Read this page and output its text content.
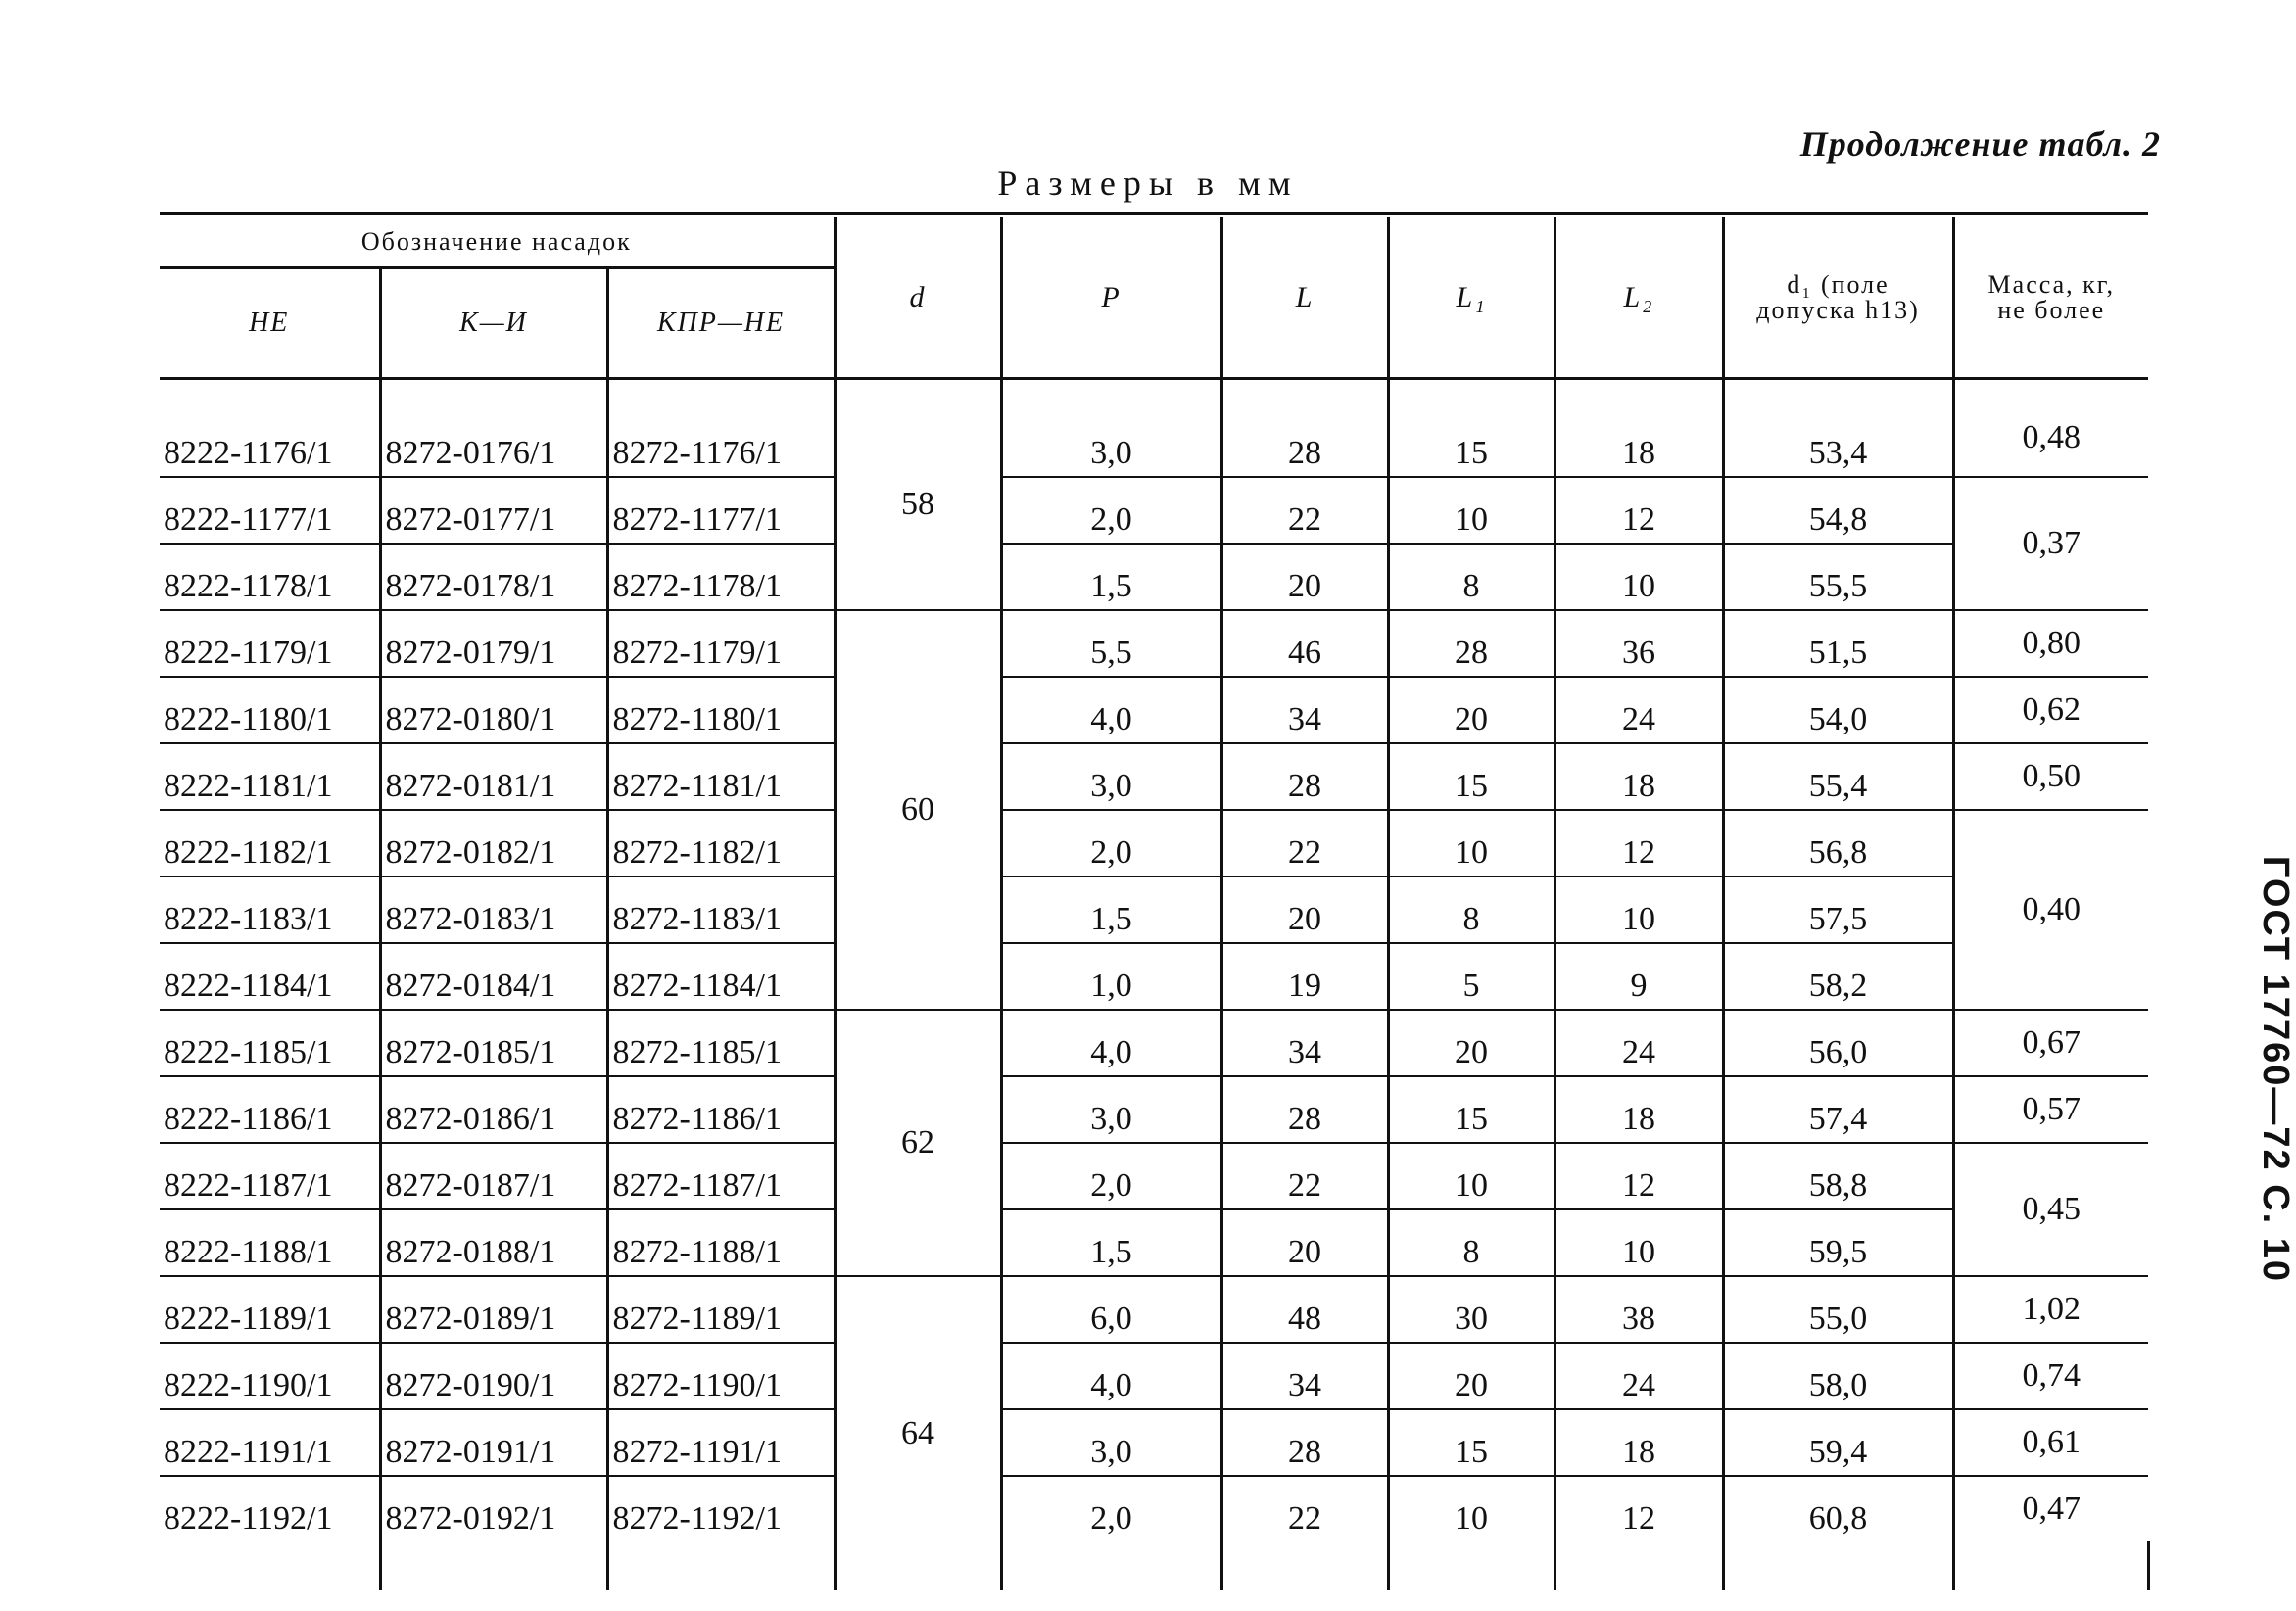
Продолжение табл. 2
Размеры в мм
ГОСТ 17760—72 С. 10
Обозначение насадок			d	P	L	L₁	L₂	d₁ (поле допуска h13)	Масса, кг, не более	
НЕ	К—И	КПР—НЕ								
8222-1176/1	8272-0176/1	8272-1176/1	58	3,0	28	15	18	53,4	0,48	
8222-1177/1	8272-0177/1	8272-1177/1		2,0	22	10	12	54,8	0,37	
8222-1178/1	8272-0178/1	8272-1178/1		1,5	20	8	10	55,5		
8222-1179/1	8272-0179/1	8272-1179/1	60	5,5	46	28	36	51,5	0,80	
8222-1180/1	8272-0180/1	8272-1180/1		4,0	34	20	24	54,0	0,62	
8222-1181/1	8272-0181/1	8272-1181/1		3,0	28	15	18	55,4	0,50	
8222-1182/1	8272-0182/1	8272-1182/1		2,0	22	10	12	56,8	0,40	
8222-1183/1	8272-0183/1	8272-1183/1		1,5	20	8	10	57,5		
8222-1184/1	8272-0184/1	8272-1184/1		1,0	19	5	9	58,2		
8222-1185/1	8272-0185/1	8272-1185/1	62	4,0	34	20	24	56,0	0,67	
8222-1186/1	8272-0186/1	8272-1186/1		3,0	28	15	18	57,4	0,57	
8222-1187/1	8272-0187/1	8272-1187/1		2,0	22	10	12	58,8	0,45	
8222-1188/1	8272-0188/1	8272-1188/1		1,5	20	8	10	59,5		
8222-1189/1	8272-0189/1	8272-1189/1	64	6,0	48	30	38	55,0	1,02	
8222-1190/1	8272-0190/1	8272-1190/1		4,0	34	20	24	58,0	0,74	
8222-1191/1	8272-0191/1	8272-1191/1		3,0	28	15	18	59,4	0,61	
8222-1192/1	8272-0192/1	8272-1192/1		2,0	22	10	12	60,8	0,47	
